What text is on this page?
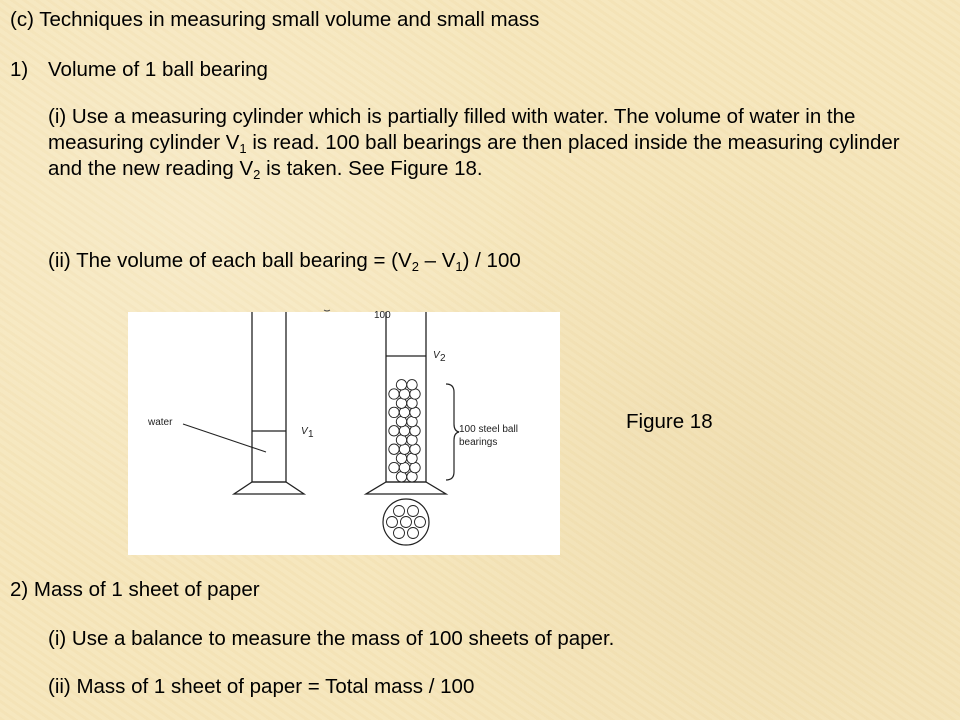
(c) Techniques in measuring small volume and small mass
1) Volume of 1 ball bearing
(i) Use a measuring cylinder which is partially filled with water. The volume of water in the measuring cylinder $V_1$ is read. 100 ball bearings are then placed inside the measuring cylinder and the new reading $V_2$ is taken. See Figure 18.
(ii) The volume of each ball bearing = $(V_2 - V_1) / 100$
water
V 1
100
V 2
100 steel ball
bearings
Figure 18
2) Mass of 1 sheet of paper
(i) Use a balance to measure the mass of 100 sheets of paper.
(ii) Mass of 1 sheet of paper = Total mass / 100
